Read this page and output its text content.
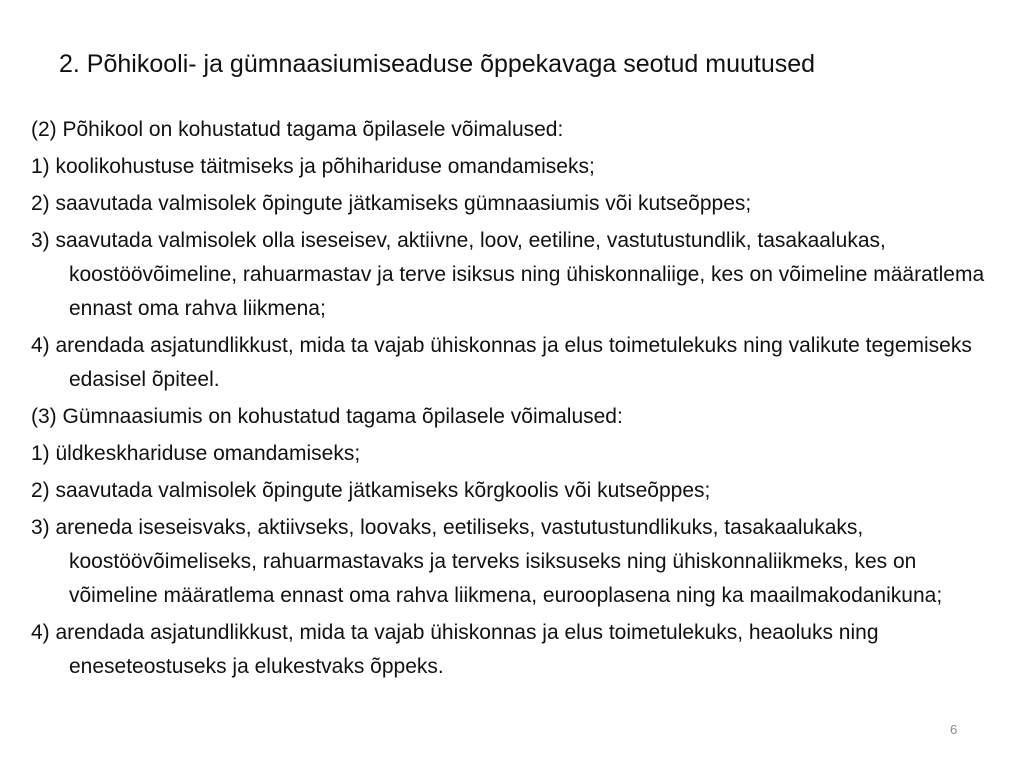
2. Põhikooli- ja gümnaasiumiseaduse õppekavaga seotud muutused
(2) Põhikool on kohustatud tagama õpilasele võimalused:
1) koolikohustuse täitmiseks ja põhihariduse omandamiseks;
2) saavutada valmisolek õpingute jätkamiseks gümnaasiumis või kutseõppes;
3) saavutada valmisolek olla iseseisev, aktiivne, loov, eetiline, vastutustundlik, tasakaalukas, koostöövõimeline, rahuarmastav ja terve isiksus ning ühiskonnaliige, kes on võimeline määratlema ennast oma rahva liikmena;
4) arendada asjatundlikkust, mida ta vajab ühiskonnas ja elus toimetulekuks ning valikute tegemiseks edasisel õpiteel.
(3) Gümnaasiumis on kohustatud tagama õpilasele võimalused:
1) üldkeskhariduse omandamiseks;
2) saavutada valmisolek õpingute jätkamiseks kõrgkoolis või kutseõppes;
3) areneda iseseisvaks, aktiivseks, loovaks, eetiliseks, vastutustundlikuks, tasakaalukaks, koostöövõimeliseks, rahuarmastavaks ja terveks isiksuseks ning ühiskonnaliikmeks, kes on võimeline määratlema ennast oma rahva liikmena, eurooplasena ning ka maailmakodanikuna;
4) arendada asjatundlikkust, mida ta vajab ühiskonnas ja elus toimetulekuks, heaoluks ning eneseteostuseks ja elukestvaks õppeks.
6
